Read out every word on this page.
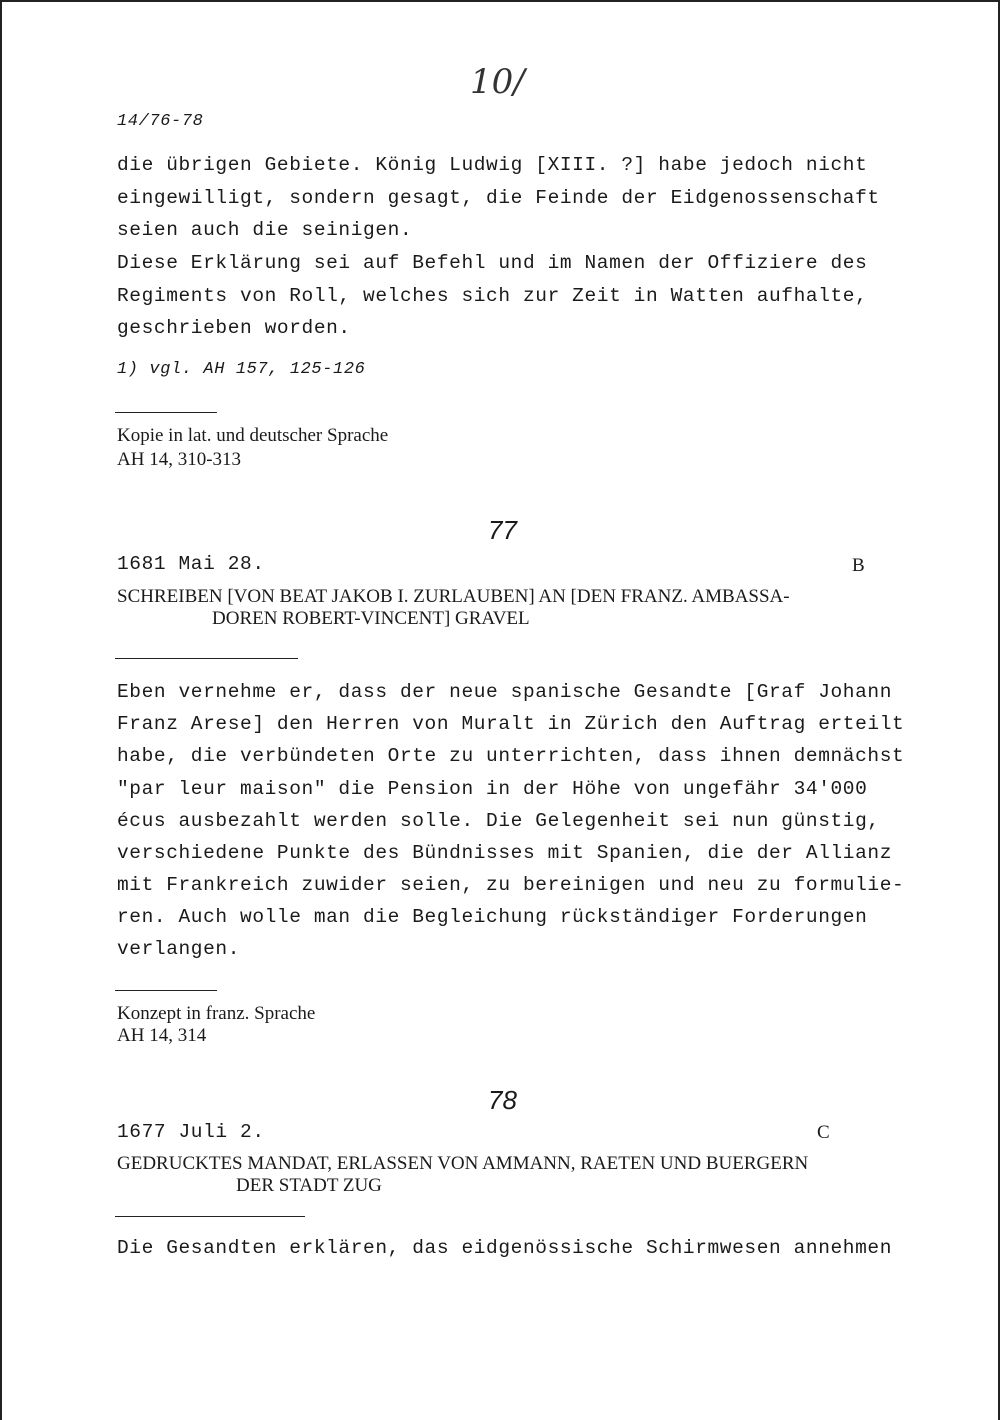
10/
14/76-78
die übrigen Gebiete. König Ludwig [XIII. ?] habe jedoch nicht
eingewilligt, sondern gesagt, die Feinde der Eidgenossenschaft
seien auch die seinigen.
Diese Erklärung sei auf Befehl und im Namen der Offiziere des
Regiments von Roll, welches sich zur Zeit in Watten aufhalte,
geschrieben worden.
1) vgl. AH 157, 125-126
Kopie in lat. und deutscher Sprache
AH 14, 310-313
77
1681 Mai 28.	B
SCHREIBEN [VON BEAT JAKOB I. ZURLAUBEN] AN [DEN FRANZ. AMBASSA-
DOREN ROBERT-VINCENT] GRAVEL
Eben vernehme er, dass der neue spanische Gesandte [Graf Johann
Franz Arese] den Herren von Muralt in Zürich den Auftrag erteilt
habe, die verbündeten Orte zu unterrichten, dass ihnen demnächst
"par leur maison" die Pension in der Höhe von ungefähr 34'000
écus ausbezahlt werden solle. Die Gelegenheit sei nun günstig,
verschiedene Punkte des Bündnisses mit Spanien, die der Allianz
mit Frankreich zuwider seien, zu bereinigen und neu zu formulie-
ren. Auch wolle man die Begleichung rückständiger Forderungen
verlangen.
Konzept in franz. Sprache
AH 14, 314
78
1677 Juli 2.	C
GEDRUCKTES MANDAT, ERLASSEN VON AMMANN, RAETEN UND BUERGERN
DER STADT ZUG
Die Gesandten erklären, das eidgenössische Schirmwesen annehmen
